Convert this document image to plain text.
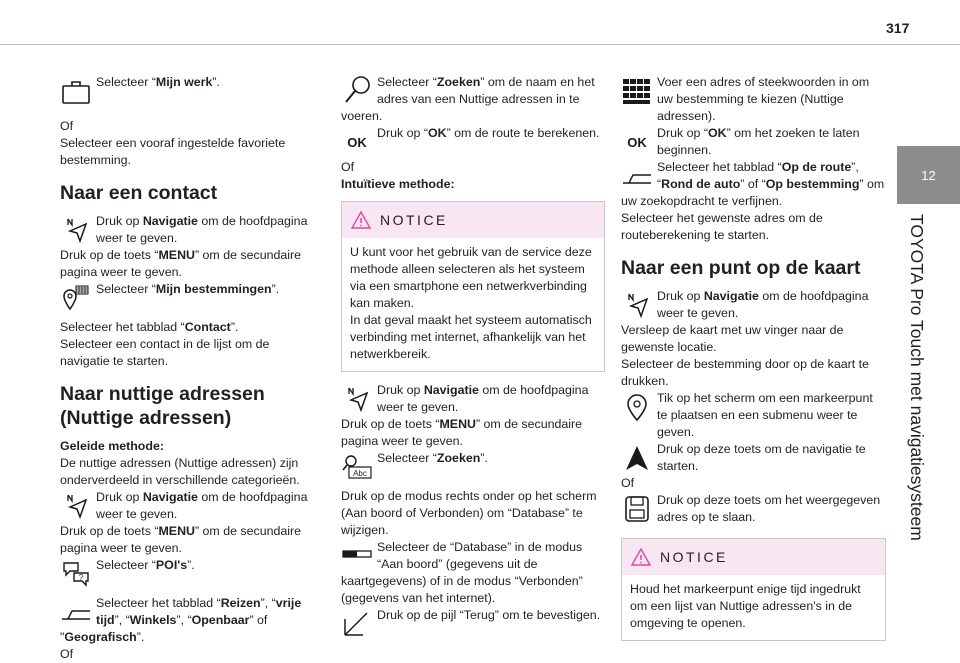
317
12
TOYOTA Pro Touch met navigatiesysteem

Selecteer “Mijn werk”.

Of

Selecteer een vooraf ingestelde favoriete bestemming.

Naar een contact

Druk op Navigatie om de hoofdpagina weer te geven.

Druk op de toets “MENU” om de secundaire pagina weer te geven.

Selecteer “Mijn bestemmingen”.

Selecteer het tabblad “Contact”.

Selecteer een contact in de lijst om de navigatie te starten.

Naar nuttige adressen (Nuttige adressen)

Geleide methode:

De nuttige adressen (Nuttige adressen) zijn onderverdeeld in verschillende categorieën.

Druk op Navigatie om de hoofdpagina weer te geven.

Druk op de toets “MENU” om de secundaire pagina weer te geven.

?

Selecteer “POI's”.

Selecteer het tabblad “Reizen”, “vrije tijd”, “Winkels”, “Openbaar” of "Geografisch”.

Of

Selecteer “Zoeken” om de naam en het adres van een Nuttige adressen in te voeren.

OK

Druk op “OK” om de route te berekenen.

Of

Intuïtieve methode:

NOTICE

U kunt voor het gebruik van de service deze methode alleen selecteren als het systeem via een smartphone een netwerkverbinding kan maken.

In dat geval maakt het systeem automatisch verbinding met internet, afhankelijk van het netwerkbereik.

Druk op Navigatie om de hoofdpagina weer te geven.

Druk op de toets “MENU” om de secundaire pagina weer te geven.

Abc

Selecteer “Zoeken”.

Druk op de modus rechts onder op het scherm (Aan boord of Verbonden) om “Database” te wijzigen.

Selecteer de “Database” in de modus “Aan boord” (gegevens uit de kaartgegevens) of in de modus “Verbonden” (gegevens van het internet).

Druk op de pijl “Terug” om te bevestigen.

Voer een adres of steekwoorden in om uw bestemming te kiezen (Nuttige adressen).

OK

Druk op “OK” om het zoeken te laten beginnen.

Selecteer het tabblad “Op de route”, “Rond de auto” of “Op bestemming” om uw zoekopdracht te verfijnen.

Selecteer het gewenste adres om de routeberekening te starten.

Naar een punt op de kaart

Druk op Navigatie om de hoofdpagina weer te geven.

Versleep de kaart met uw vinger naar de gewenste locatie.

Selecteer de bestemming door op de kaart te drukken.

Tik op het scherm om een markeerpunt te plaatsen en een submenu weer te geven.

Druk op deze toets om de navigatie te starten.

Of

Druk op deze toets om het weergegeven adres op te slaan.

NOTICE

Houd het markeerpunt enige tijd ingedrukt om een lijst van Nuttige adressen's in de omgeving te openen.
